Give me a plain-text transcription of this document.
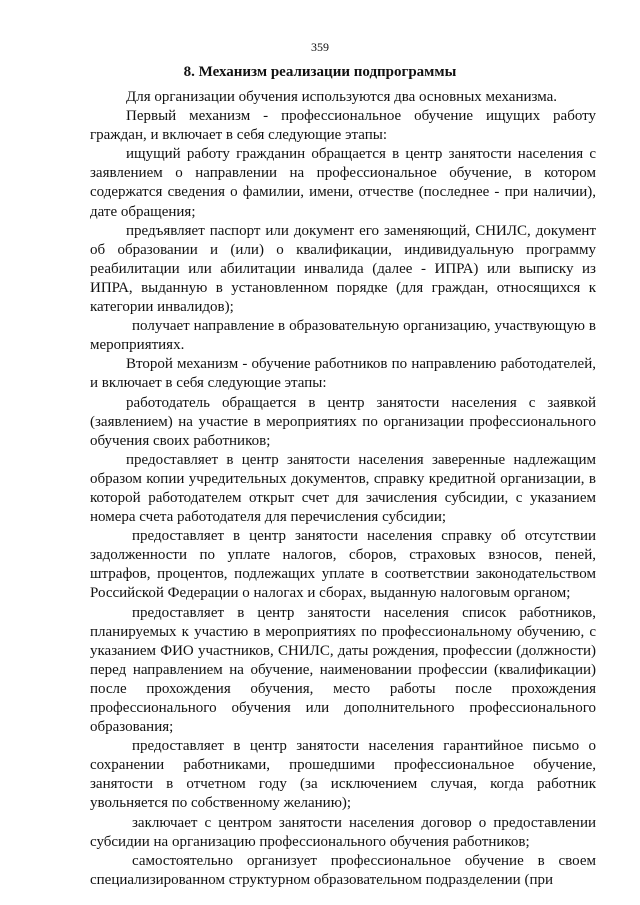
359
8. Механизм реализации подпрограммы

Для организации обучения используются два основных механизма.

Первый механизм - профессиональное обучение ищущих работу граждан, и включает в себя следующие этапы:

ищущий работу гражданин обращается в центр занятости населения с заявлением о направлении на профессиональное обучение, в котором содержатся сведения о фамилии, имени, отчестве (последнее - при наличии), дате обращения;

предъявляет паспорт или документ его заменяющий, СНИЛС, документ об образовании и (или) о квалификации, индивидуальную программу реабилитации или абилитации инвалида (далее - ИПРА) или выписку из ИПРА, выданную в установленном порядке (для граждан, относящихся к категории инвалидов);

получает направление в образовательную организацию, участвующую в мероприятиях.

Второй механизм - обучение работников по направлению работодателей, и включает в себя следующие этапы:

работодатель обращается в центр занятости населения с заявкой (заявлением) на участие в мероприятиях по организации профессионального обучения своих работников;

предоставляет в центр занятости населения заверенные надлежащим образом копии учредительных документов, справку кредитной организации, в которой работодателем открыт счет для зачисления субсидии, с указанием номера счета работодателя для перечисления субсидии;

предоставляет в центр занятости населения справку об отсутствии задолженности по уплате налогов, сборов, страховых взносов, пеней, штрафов, процентов, подлежащих уплате в соответствии законодательством Российской Федерации о налогах и сборах, выданную налоговым органом;

предоставляет в центр занятости населения список работников, планируемых к участию в мероприятиях по профессиональному обучению, с указанием ФИО участников, СНИЛС, даты рождения, профессии (должности) перед направлением на обучение, наименовании профессии (квалификации) после прохождения обучения, место работы после прохождения профессионального обучения или дополнительного профессионального образования;

предоставляет в центр занятости населения гарантийное письмо о сохранении работниками, прошедшими профессиональное обучение, занятости в отчетном году (за исключением случая, когда работник увольняется по собственному желанию);

заключает с центром занятости населения договор о предоставлении субсидии на организацию профессионального обучения работников;

самостоятельно организует профессиональное обучение в своем специализированном структурном образовательном подразделении (при
